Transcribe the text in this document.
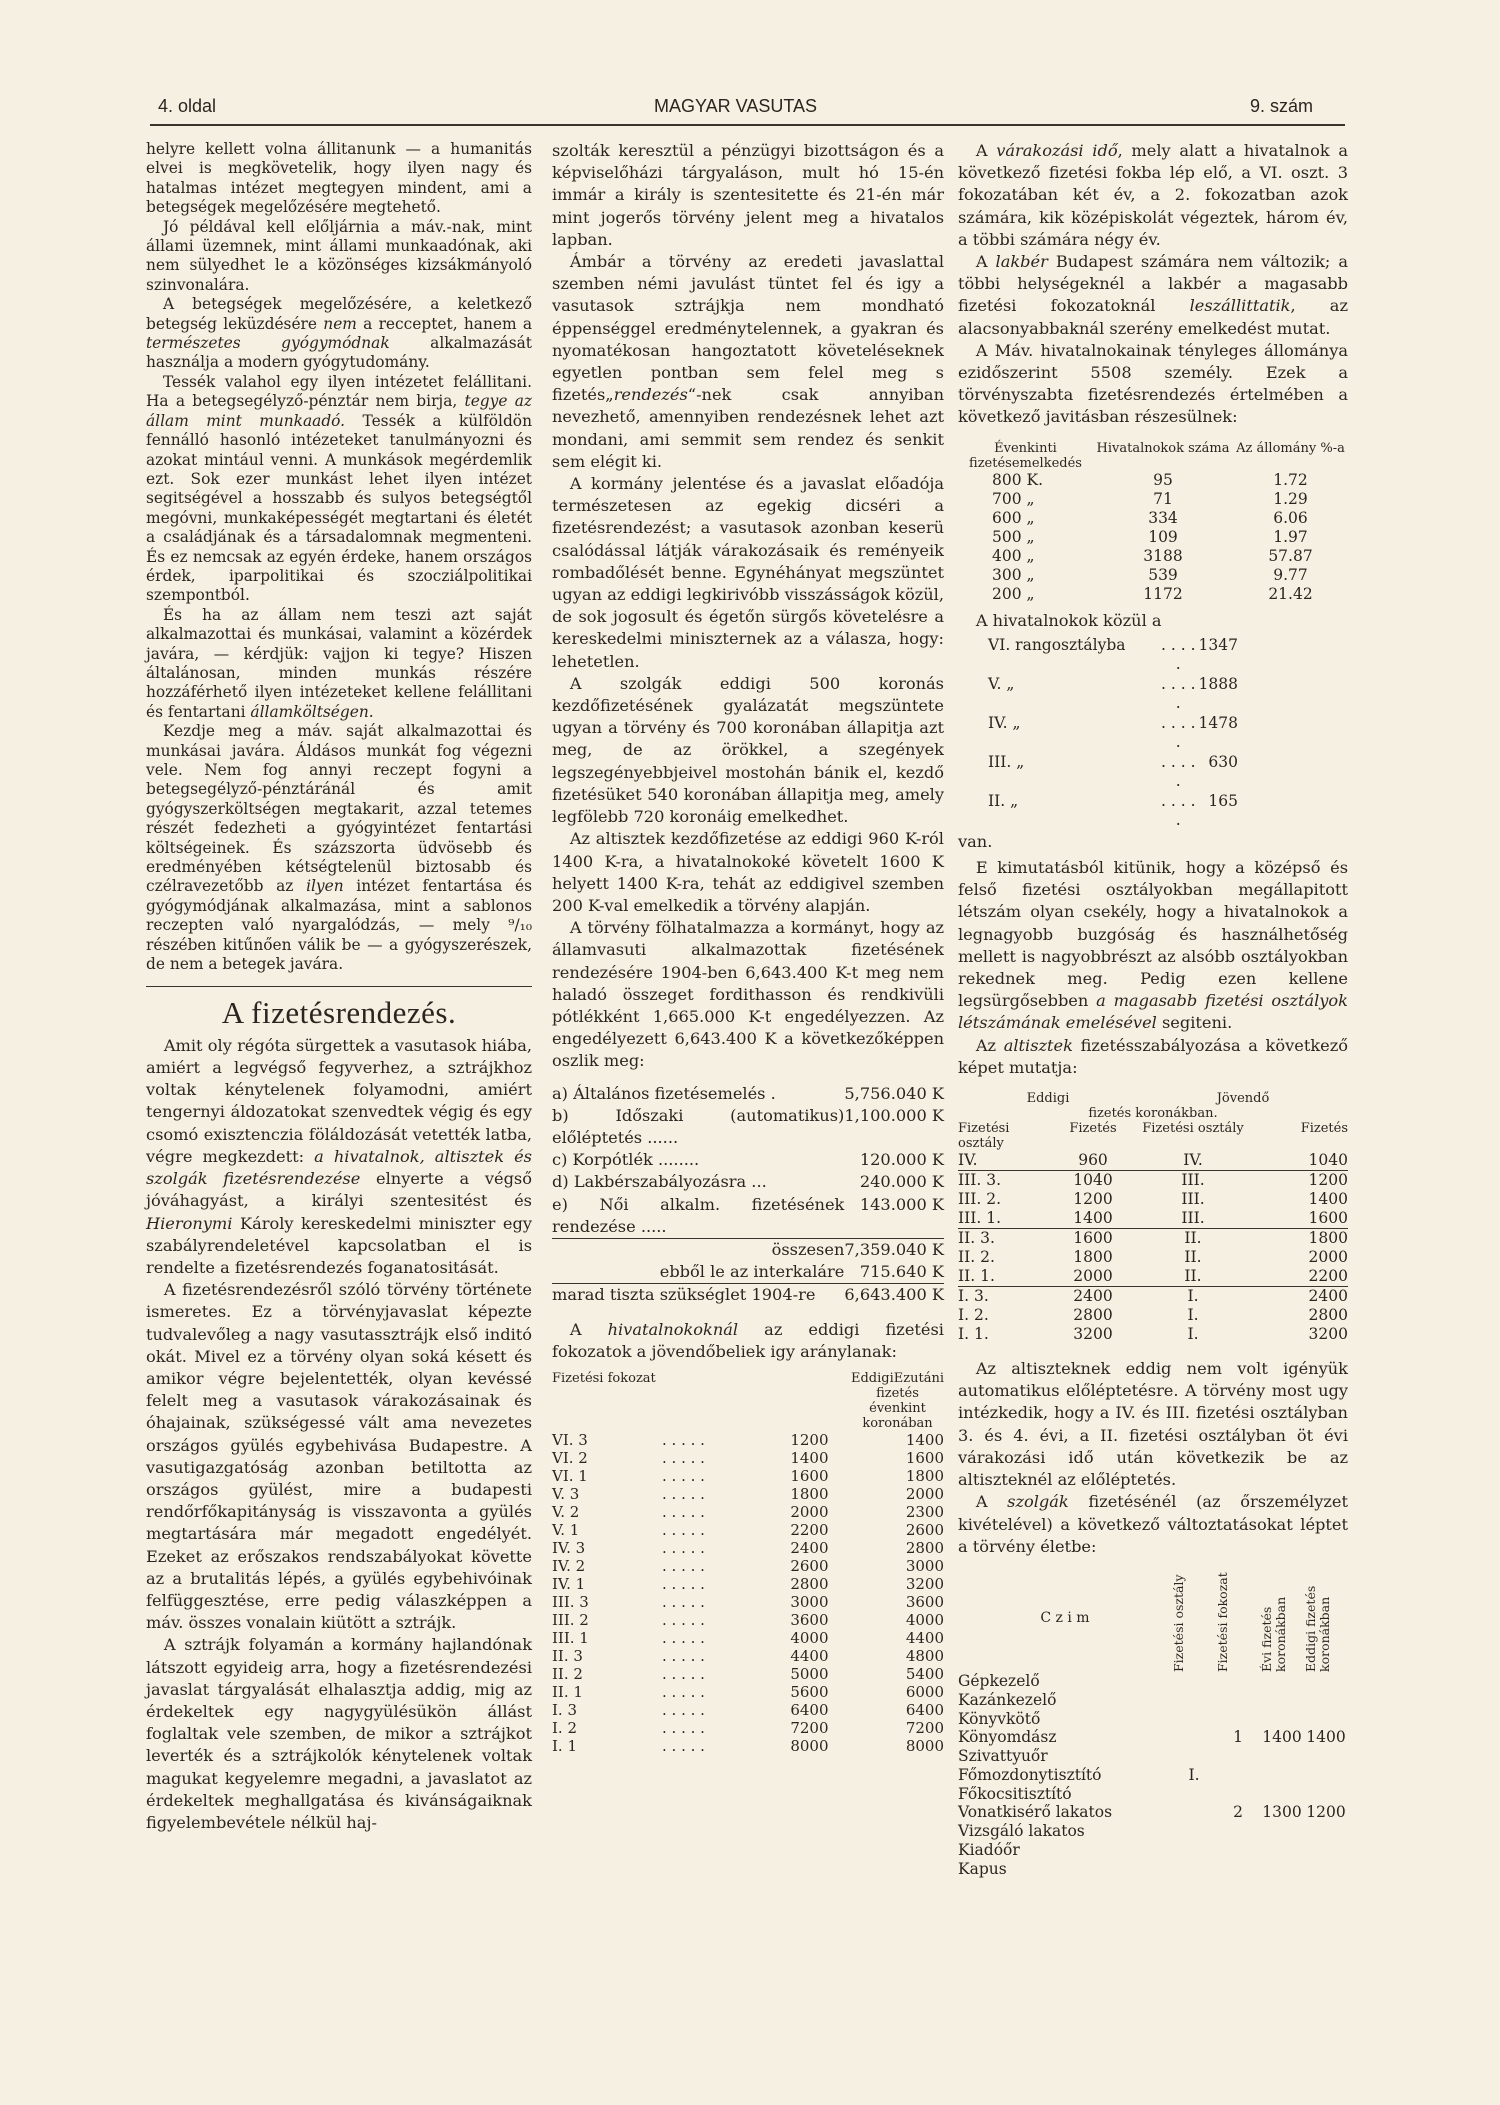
4. oldal	MAGYAR VASUTAS	9. szám

helyre kellett volna állitanunk — a humanitás elvei is megkövetelik, hogy ilyen nagy és hatalmas intézet megtegyen mindent, ami a betegségek megelőzésére megtehető.

Jó példával kell előljárnia a máv.-nak, mint állami üzemnek, mint állami munkaadónak, aki nem sülyedhet le a közönséges kizsákmányoló szinvonalára.

A betegségek megelőzésére, a keletkező betegség leküzdésére nem a recceptet, hanem a természetes gyógymódnak alkalmazását használja a modern gyógytudomány.

Tessék valahol egy ilyen intézetet felállitani. Ha a betegsegélyző-pénztár nem birja, tegye az állam mint munkaadó. Tessék a külföldön fennálló hasonló intézeteket tanulmányozni és azokat mintául venni. A munkások megérdemlik ezt. Sok ezer munkást lehet ilyen intézet segitségével a hosszabb és sulyos betegségtől megóvni, munkaképességét megtartani és életét a családjának és a társadalomnak megmenteni. És ez nemcsak az egyén érdeke, hanem országos érdek, iparpolitikai és szocziálpolitikai szempontból.

És ha az állam nem teszi azt saját alkalmazottai és munkásai, valamint a közérdek javára, — kérdjük: vajjon ki tegye? Hiszen általánosan, minden munkás részére hozzáférhető ilyen intézeteket kellene felállitani és fentartani államköltségen.

Kezdje meg a máv. saját alkalmazottai és munkásai javára. Áldásos munkát fog végezni vele. Nem fog annyi reczept fogyni a betegsegélyző-pénztáránál és amit gyógyszerköltségen megtakarit, azzal tetemes részét fedezheti a gyógyintézet fentartási költségeinek. És százszorta üdvösebb és eredményében kétségtelenül biztosabb és czélravezetőbb az ilyen intézet fentartása és gyógymódjának alkalmazása, mint a sablonos reczepten való nyargalódzás, — mely ⁹/₁₀ részében kitűnően válik be — a gyógyszerészek, de nem a betegek javára.

A fizetésrendezés.

Amit oly régóta sürgettek a vasutasok hiába, amiért a legvégső fegyverhez, a sztrájkhoz voltak kénytelenek folyamodni, amiért tengernyi áldozatokat szenvedtek végig és egy csomó exisztenczia föláldozását vetették latba, végre megkezdett: a hivatalnok, altisztek és szolgák fizetésrendezése elnyerte a végső jóváhagyást, a királyi szentesitést és Hieronymi Károly kereskedelmi miniszter egy szabályrendeletével kapcsolatban el is rendelte a fizetésrendezés foganatositását.

A fizetésrendezésről szóló törvény története ismeretes. Ez a törvényjavaslat képezte tudvalevőleg a nagy vasutassztrájk első inditó okát. Mivel ez a törvény olyan soká késett és amikor végre bejelentették, olyan kevéssé felelt meg a vasutasok várakozásainak és óhajainak, szükségessé vált ama nevezetes országos gyülés egybehivása Budapestre. A vasutigazgatóság azonban betiltotta az országos gyülést, mire a budapesti rendőrfőkapitányság is visszavonta a gyülés megtartására már megadott engedélyét. Ezeket az erőszakos rendszabályokat követte az a brutalitás lépés, a gyülés egybehivóinak felfüggesztése, erre pedig válaszképpen a máv. összes vonalain kiütött a sztrájk.

A sztrájk folyamán a kormány hajlandónak látszott egyideig arra, hogy a fizetésrendezési javaslat tárgyalását elhalasztja addig, mig az érdekeltek egy nagygyülésükön állást foglaltak vele szemben, de mikor a sztrájkot leverték és a sztrájkolók kénytelenek voltak magukat kegyelemre megadni, a javaslatot az érdekeltek meghallgatása és kivánságaiknak figyelembevétele nélkül haj-

szolták keresztül a pénzügyi bizottságon és a képviselőházi tárgyaláson, mult hó 15-én immár a király is szentesitette és 21-én már mint jogerős törvény jelent meg a hivatalos lapban.

Ámbár a törvény az eredeti javaslattal szemben némi javulást tüntet fel és igy a vasutasok sztrájkja nem mondható éppenséggel eredménytelennek, a gyakran és nyomatékosan hangoztatott követeléseknek egyetlen pontban sem felel meg s fizetés„rendezés“-nek csak annyiban nevezhető, amennyiben rendezésnek lehet azt mondani, ami semmit sem rendez és senkit sem elégit ki.

A kormány jelentése és a javaslat előadója természetesen az egekig dicséri a fizetésrendezést; a vasutasok azonban keserü csalódással látják várakozásaik és reményeik rombadőlését benne. Egynéhányat megszüntet ugyan az eddigi legkirivóbb visszásságok közül, de sok jogosult és égetőn sürgős követelésre a kereskedelmi miniszternek az a válasza, hogy: lehetetlen.

A szolgák eddigi 500 koronás kezdőfizetésének gyalázatát megszüntete ugyan a törvény és 700 koronában állapitja azt meg, de az örökkel, a szegények legszegényebbjeivel mostohán bánik el, kezdő fizetésüket 540 koronában állapitja meg, amely legfölebb 720 koronáig emelkedhet.

Az altisztek kezdőfizetése az eddigi 960 K-ról 1400 K-ra, a hivatalnokoké követelt 1600 K helyett 1400 K-ra, tehát az eddigivel szemben 200 K-val emelkedik a törvény alapján.

A törvény fölhatalmazza a kormányt, hogy az államvasuti alkalmazottak fizetésének rendezésére 1904-ben 6,643.400 K-t meg nem haladó összeget fordithasson és rendkivüli pótlékként 1,665.000 K-t engedélyezzen. Az engedélyezett 6,643.400 K a következőképpen oszlik meg:

a) Általános fizetésemelés .	5,756.040 K
b) Időszaki (automatikus) előléptetés ......	1,100.000 K
c) Korpótlék ........	120.000 K
d) Lakbérszabályozásra ...	240.000 K
e) Női alkalm. fizetésének rendezése .....	143.000 K
összesen	7,359.040 K
ebből le az interkaláre	715.640 K
marad tiszta szükséglet 1904-re	6,643.400 K

A hivatalnokoknál az eddigi fizetési fokozatok a jövendőbeliek igy aránylanak:

Fizetési fokozat		Eddigi Ezutáni
fizetés évenkint koronában	

VI. 3	. . . . .	1200	1400
VI. 2	. . . . .	1400	1600
VI. 1	. . . . .	1600	1800
V. 3	. . . . .	1800	2000
V. 2	. . . . .	2000	2300
V. 1	. . . . .	2200	2600
IV. 3	. . . . .	2400	2800
IV. 2	. . . . .	2600	3000
IV. 1	. . . . .	2800	3200
III. 3	. . . . .	3000	3600
III. 2	. . . . .	3600	4000
III. 1	. . . . .	4000	4400
II. 3	. . . . .	4400	4800
II. 2	. . . . .	5000	5400
II. 1	. . . . .	5600	6000
I. 3	. . . . .	6400	6400
I. 2	. . . . .	7200	7200
I. 1	. . . . .	8000	8000

A várakozási idő, mely alatt a hivatalnok a következő fizetési fokba lép elő, a VI. oszt. 3 fokozatában két év, a 2. fokozatban azok számára, kik középiskolát végeztek, három év, a többi számára négy év.

A lakbér Budapest számára nem változik; a többi helységeknél a lakbér a magasabb fizetési fokozatoknál leszállittatik, az alacsonyabbaknál szerény emelkedést mutat.

A Máv. hivatalnokainak tényleges állománya ezidőszerint 5508 személy. Ezek a törvényszabta fizetésrendezés értelmében a következő javitásban részesülnek:

Évenkinti fizetésemelkedés	Hivatalnokok száma	Az állomány %-a
800 K.	95	1.72
700 „	71	1.29
600 „	334	6.06
500 „	109	1.97
400 „	3188	57.87
300 „	539	9.77
200 „	1172	21.42

A hivatalnokok közül a

VI. rangosztályba	. . . . .	1347	
V. „	. . . . .	1888	
IV. „	. . . . .	1478	
III. „	. . . . .	630	
II. „	. . . . .	165	
van.

E kimutatásból kitünik, hogy a középső és felső fizetési osztályokban megállapitott létszám olyan csekély, hogy a hivatalnokok a legnagyobb buzgóság és használhetőség mellett is nagyobbrészt az alsóbb osztályokban rekednek meg. Pedig ezen kellene legsürgősebben a magasabb fizetési osztályok létszámának emelésével segiteni.

Az altisztek fizetésszabályozása a következő képet mutatja:

Eddigi		Jövendő	
fizetés koronákban.			
Fizetési osztály	Fizetés	Fizetési osztály	Fizetés
IV.	960	IV.	1040
III. 3.	1040	III.	1200
III. 2.	1200	III.	1400
III. 1.	1400	III.	1600
II. 3.	1600	II.	1800
II. 2.	1800	II.	2000
II. 1.	2000	II.	2200
I. 3.	2400	I.	2400
I. 2.	2800	I.	2800
I. 1.	3200	I.	3200

Az altiszteknek eddig nem volt igényük automatikus előléptetésre. A törvény most ugy intézkedik, hogy a IV. és III. fizetési osztályban 3. és 4. évi, a II. fizetési osztályban öt évi várakozási idő után következik be az altiszteknél az előléptetés.

A szolgák fizetésénél (az őrszemélyzet kivételével) a következő változtatásokat léptet a törvény életbe:

C z i m	Fizetési osztály	Fizetési fokozat	Évi fizetés koronákban	Eddigi fizetés koronákban

Gépkezelő				
Kazánkezelő				
Könyvkötő				
Könyomdász		1	1400	1400
Szivattyuőr				
Főmozdonytisztító	I.			
Főkocsitisztító				
Vonatkisérő lakatos		2	1300	1200
Vizsgáló lakatos				
Kiadóőr				
Kapus				
